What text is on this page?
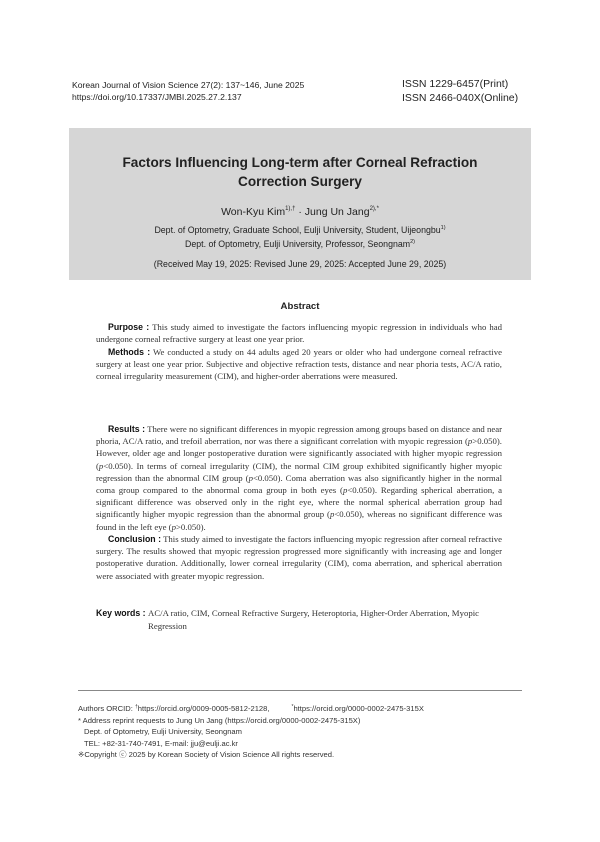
Korean Journal of Vision Science 27(2): 137~146, June 2025
https://doi.org/10.17337/JMBI.2025.27.2.137
ISSN 1229-6457(Print)
ISSN 2466-040X(Online)
Factors Influencing Long-term after Corneal Refraction
Correction Surgery
Won-Kyu Kim$^{1),\dagger}$ · Jung Un Jang$^{2),*}$
Dept. of Optometry, Graduate School, Eulji University, Student, Uijeongbu$^{1)}$
Dept. of Optometry, Eulji University, Professor, Seongnam$^{2)}$
(Received May 19, 2025: Revised June 29, 2025: Accepted June 29, 2025)
Abstract
Purpose : This study aimed to investigate the factors influencing myopic regression in individuals who had undergone corneal refractive surgery at least one year prior.
Methods : We conducted a study on 44 adults aged 20 years or older who had undergone corneal refractive surgery at least one year prior. Subjective and objective refraction tests, distance and near phoria tests, AC/A ratio, corneal irregularity measurement (CIM), and higher-order aberrations were measured.
Results : There were no significant differences in myopic regression among groups based on distance and near phoria, AC/A ratio, and trefoil aberration, nor was there a significant correlation with myopic regression (p>0.050). However, older age and longer postoperative duration were significantly associated with higher myopic regression (p<0.050). In terms of corneal irregularity (CIM), the normal CIM group exhibited significantly higher myopic regression than the abnormal CIM group (p<0.050). Coma aberration was also significantly higher in the normal coma group compared to the abnormal coma group in both eyes (p<0.050). Regarding spherical aberration, a significant difference was observed only in the right eye, where the normal spherical aberration group had significantly higher myopic regression than the abnormal group (p<0.050), whereas no significant difference was found in the left eye (p>0.050).
Conclusion : This study aimed to investigate the factors influencing myopic regression after corneal refractive surgery. The results showed that myopic regression progressed more significantly with increasing age and longer postoperative duration. Additionally, lower corneal irregularity (CIM), coma aberration, and spherical aberration were associated with greater myopic regression.
Key words : AC/A ratio, CIM, Corneal Refractive Surgery, Heteroptoria, Higher-Order Aberration, Myopic Regression
Authors ORCID: †https://orcid.org/0009-0005-5812-2128,	*https://orcid.org/0000-0002-2475-315X
* Address reprint requests to Jung Un Jang (https://orcid.org/0000-0002-2475-315X)
Dept. of Optometry, Eulji University, Seongnam
TEL: +82-31-740-7491, E-mail: jju@eulji.ac.kr
※Copyright ⓒ 2025 by Korean Society of Vision Science All rights reserved.
